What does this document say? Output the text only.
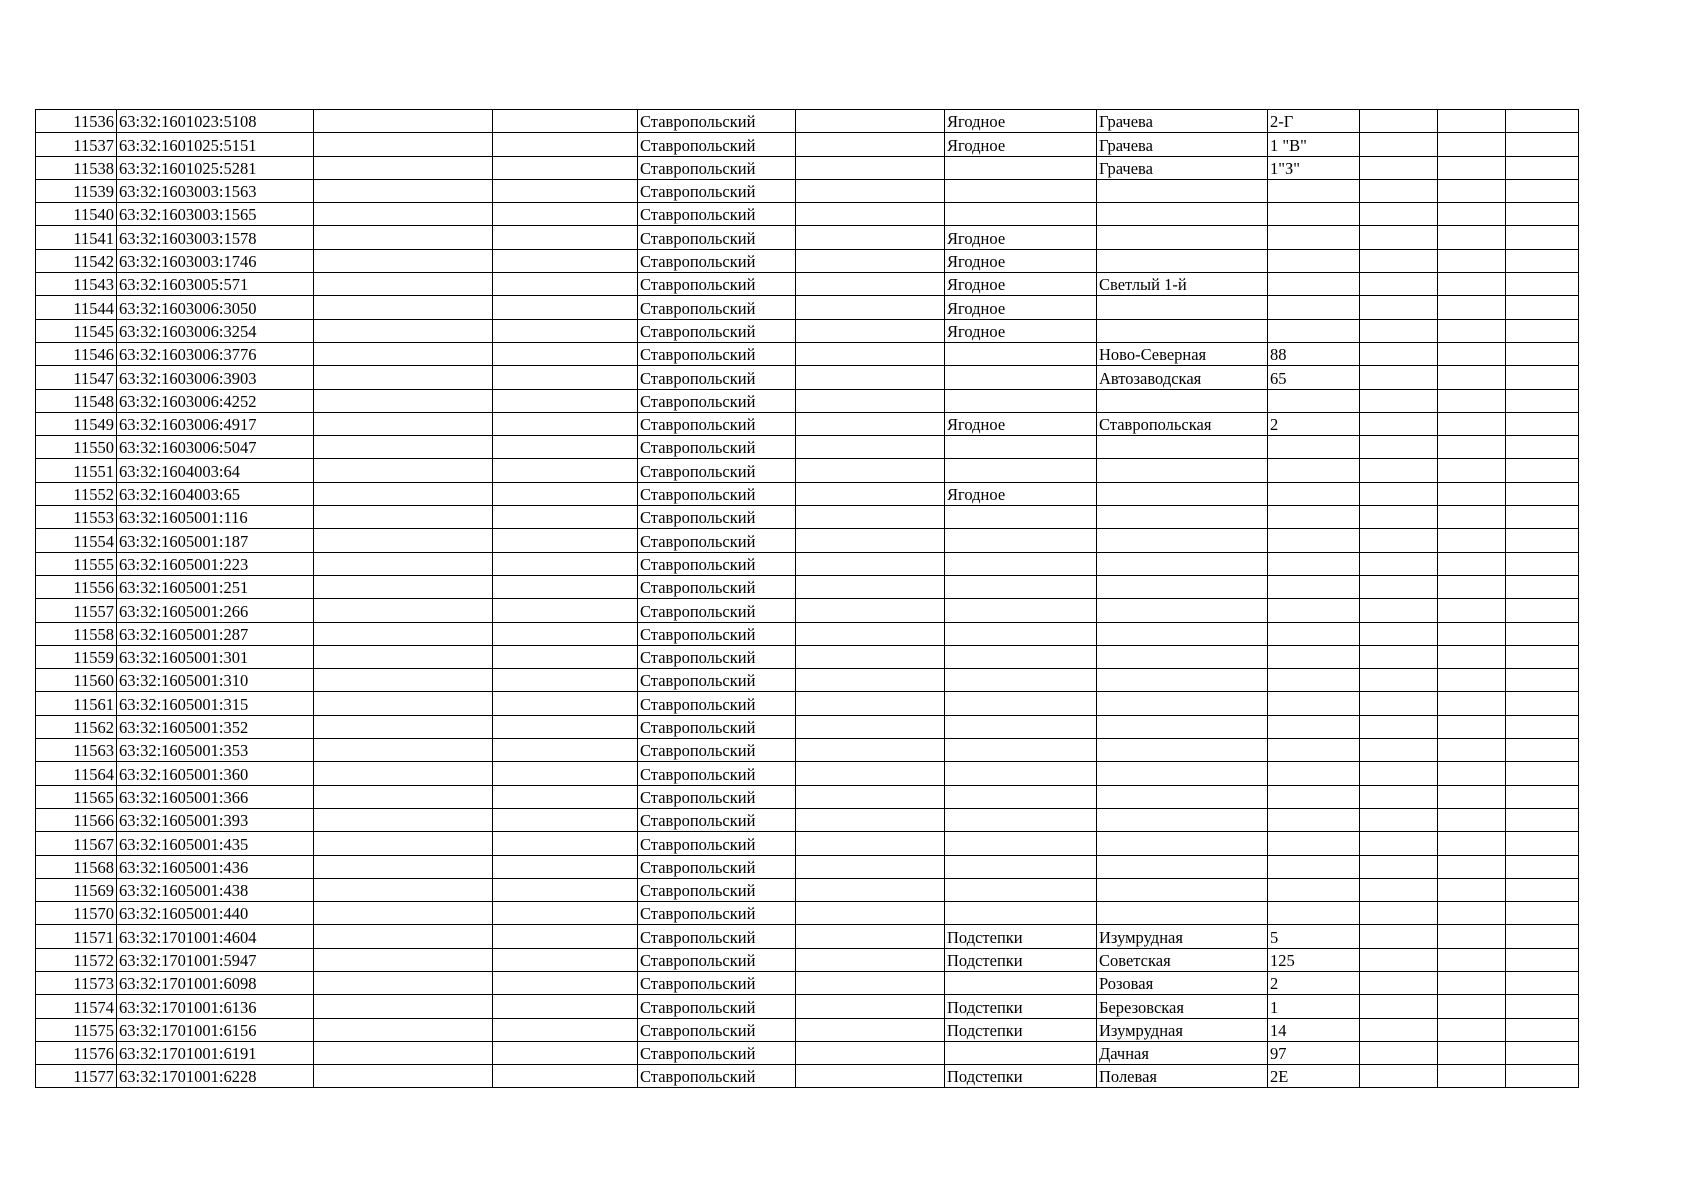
11536	63:32:1601023:5108			Ставропольский		Ягодное	Грачева	2-Г			
11537	63:32:1601025:5151			Ставропольский		Ягодное	Грачева	1 "В"			
11538	63:32:1601025:5281			Ставропольский			Грачева	1"З"			
11539	63:32:1603003:1563			Ставропольский							
11540	63:32:1603003:1565			Ставропольский							
11541	63:32:1603003:1578			Ставропольский		Ягодное					
11542	63:32:1603003:1746			Ставропольский		Ягодное					
11543	63:32:1603005:571			Ставропольский		Ягодное	Светлый 1-й				
11544	63:32:1603006:3050			Ставропольский		Ягодное					
11545	63:32:1603006:3254			Ставропольский		Ягодное					
11546	63:32:1603006:3776			Ставропольский			Ново-Северная	88			
11547	63:32:1603006:3903			Ставропольский			Автозаводская	65			
11548	63:32:1603006:4252			Ставропольский							
11549	63:32:1603006:4917			Ставропольский		Ягодное	Ставропольская	2			
11550	63:32:1603006:5047			Ставропольский							
11551	63:32:1604003:64			Ставропольский							
11552	63:32:1604003:65			Ставропольский		Ягодное					
11553	63:32:1605001:116			Ставропольский							
11554	63:32:1605001:187			Ставропольский							
11555	63:32:1605001:223			Ставропольский							
11556	63:32:1605001:251			Ставропольский							
11557	63:32:1605001:266			Ставропольский							
11558	63:32:1605001:287			Ставропольский							
11559	63:32:1605001:301			Ставропольский							
11560	63:32:1605001:310			Ставропольский							
11561	63:32:1605001:315			Ставропольский							
11562	63:32:1605001:352			Ставропольский							
11563	63:32:1605001:353			Ставропольский							
11564	63:32:1605001:360			Ставропольский							
11565	63:32:1605001:366			Ставропольский							
11566	63:32:1605001:393			Ставропольский							
11567	63:32:1605001:435			Ставропольский							
11568	63:32:1605001:436			Ставропольский							
11569	63:32:1605001:438			Ставропольский							
11570	63:32:1605001:440			Ставропольский							
11571	63:32:1701001:4604			Ставропольский		Подстепки	Изумрудная	5			
11572	63:32:1701001:5947			Ставропольский		Подстепки	Советская	125			
11573	63:32:1701001:6098			Ставропольский			Розовая	2			
11574	63:32:1701001:6136			Ставропольский		Подстепки	Березовская	1			
11575	63:32:1701001:6156			Ставропольский		Подстепки	Изумрудная	14			
11576	63:32:1701001:6191			Ставропольский			Дачная	97			
11577	63:32:1701001:6228			Ставропольский		Подстепки	Полевая	2Е			
